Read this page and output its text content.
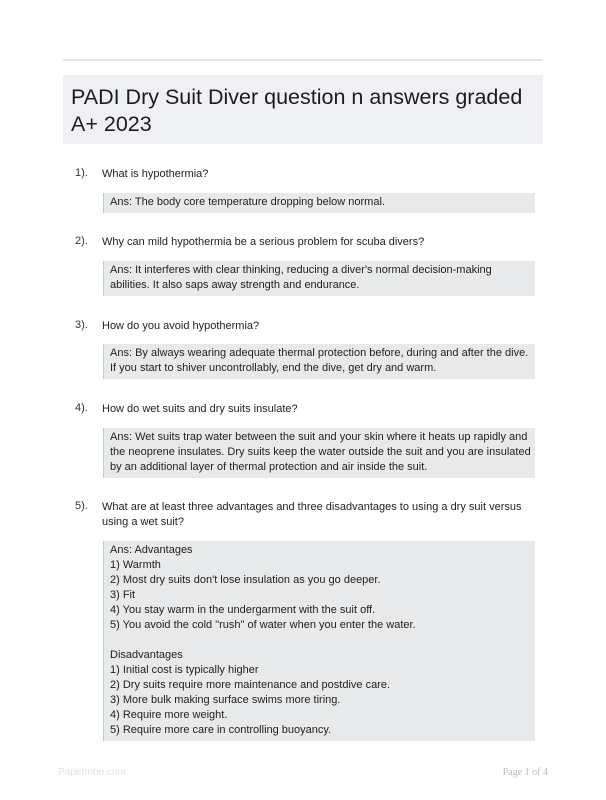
PADI Dry Suit Diver question n answers graded A+ 2023
1). What is hypothermia?
Ans: The body core temperature dropping below normal.
2). Why can mild hypothermia be a serious problem for scuba divers?
Ans: It interferes with clear thinking, reducing a diver's normal decision-making abilities. It also saps away strength and endurance.
3). How do you avoid hypothermia?
Ans: By always wearing adequate thermal protection before, during and after the dive. If you start to shiver uncontrollably, end the dive, get dry and warm.
4). How do wet suits and dry suits insulate?
Ans: Wet suits trap water between the suit and your skin where it heats up rapidly and the neoprene insulates. Dry suits keep the water outside the suit and you are insulated by an additional layer of thermal protection and air inside the suit.
5). What are at least three advantages and three disadvantages to using a dry suit versus using a wet suit?
Ans: Advantages
1) Warmth
2) Most dry suits don't lose insulation as you go deeper.
3) Fit
4) You stay warm in the undergarment with the suit off.
5) You avoid the cold "rush" of water when you enter the water.
Disadvantages
1) Initial cost is typically higher
2) Dry suits require more maintenance and postdive care.
3) More bulk making surface swims more tiring.
4) Require more weight.
5) Require more care in controlling buoyancy.
Papertribe.com	Page 1 of 4
